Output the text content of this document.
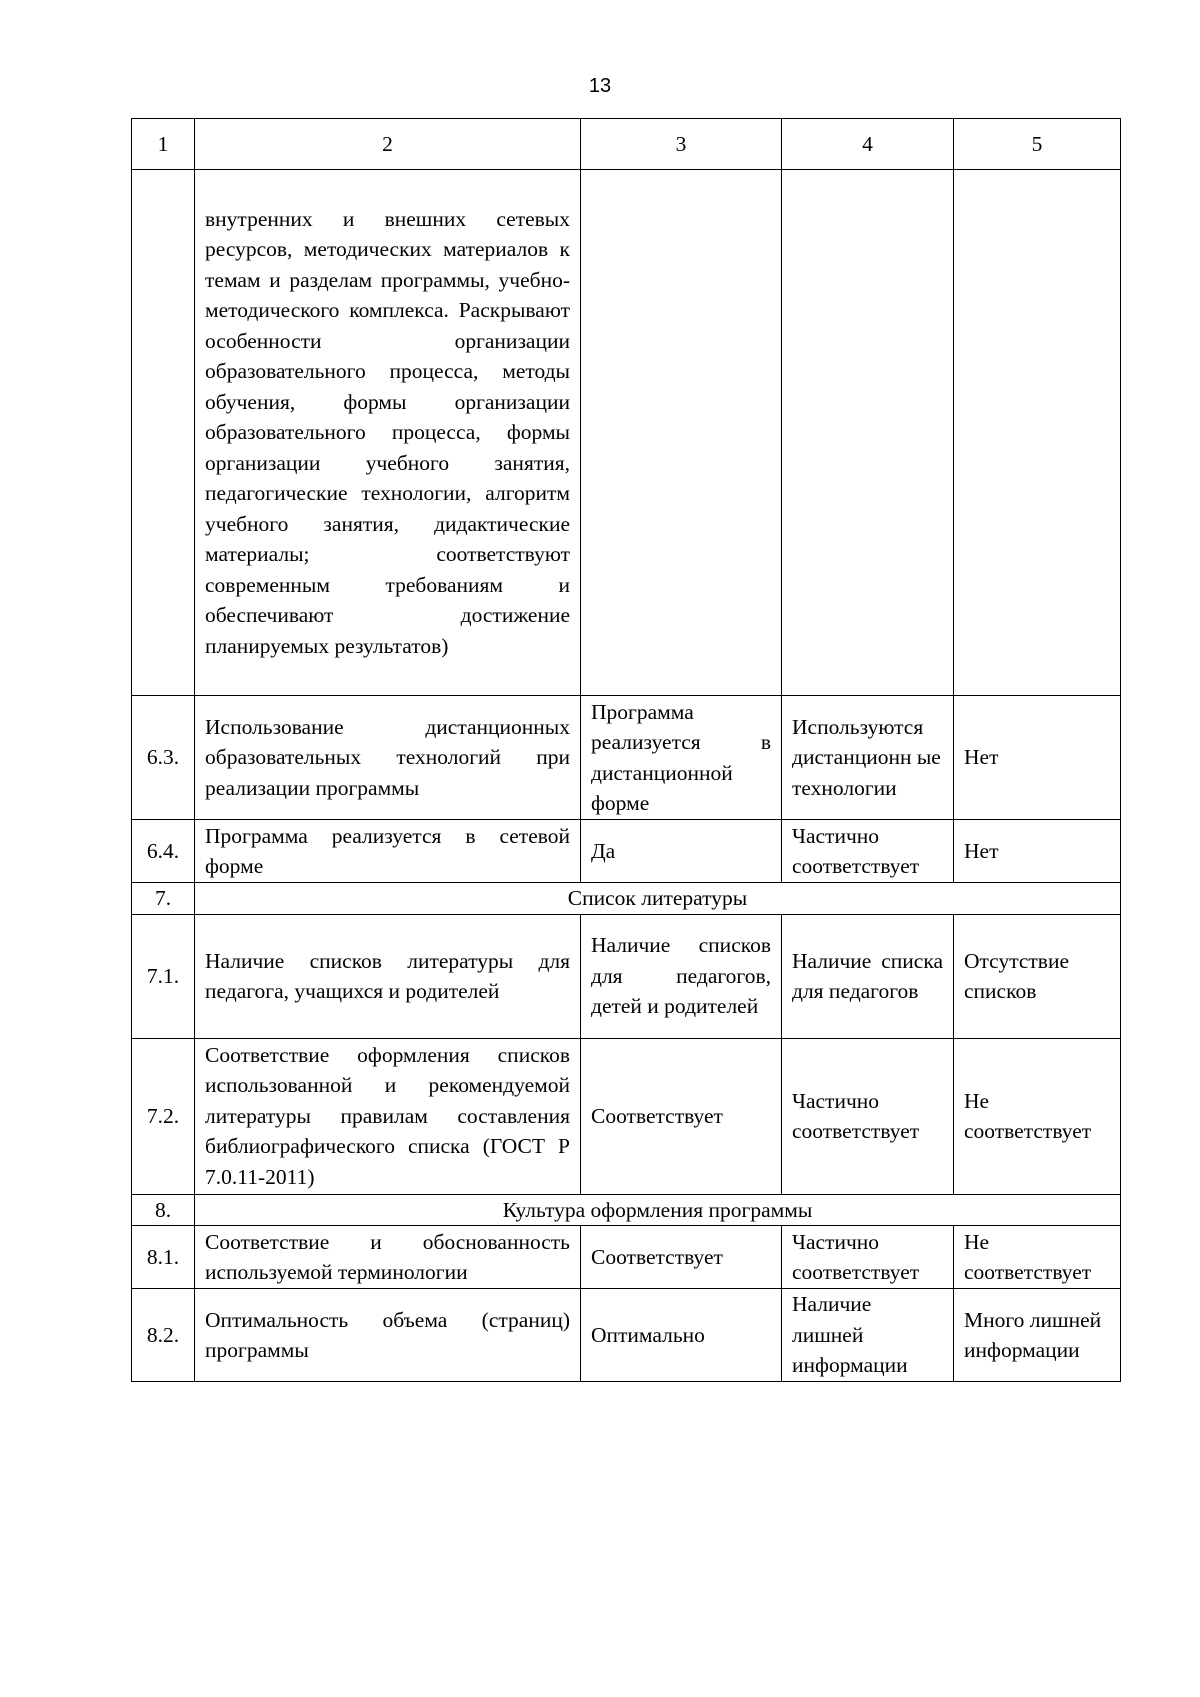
13
1	2	3	4	5
	внутренних и внешних сетевых ресурсов, методических материалов к темам и разделам программы, учебно-методического комплекса. Раскрывают особенности организации образовательного процесса, методы обучения, формы организации образовательного процесса, формы организации учебного занятия, педагогические технологии, алгоритм учебного занятия, дидактические материалы; соответствуют современным требованиям и обеспечивают достижение планируемых результатов)			
6.3.	Использование дистанционных образовательных технологий при реализации программы	Программа реализуется в дистанционной форме	Используются дистанционн ые технологии	Нет
6.4.	Программа реализуется в сетевой форме	Да	Частично соответствует	Нет
7.	Список литературы			
7.1.	Наличие списков литературы для педагога, учащихся и родителей	Наличие списков для педагогов, детей и родителей	Наличие списка для педагогов	Отсутствие списков
7.2.	Соответствие оформления списков использованной и рекомендуемой литературы правилам составления библиографического списка (ГОСТ Р 7.0.11-2011)	Соответствует	Частично соответствует	Не соответствует
8.	Культура оформления программы			
8.1.	Соответствие и обоснованность используемой терминологии	Соответствует	Частично соответствует	Не соответствует
8.2.	Оптимальность объема (страниц) программы	Оптимально	Наличие лишней информации	Много лишней информации
